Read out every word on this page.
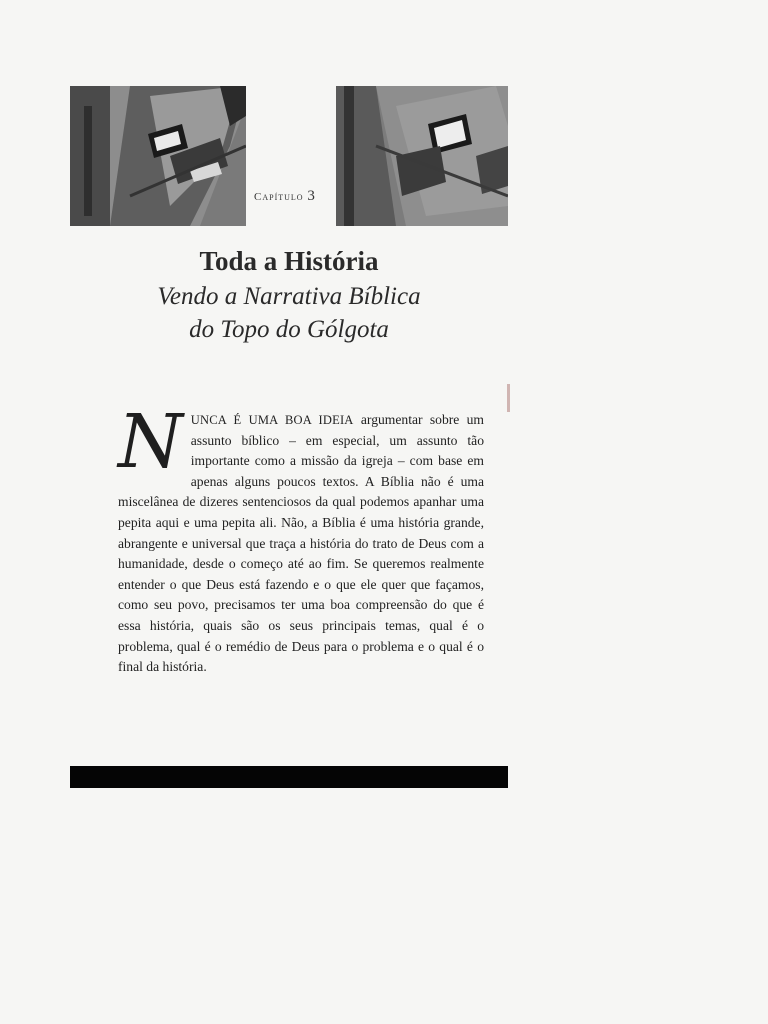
Capítulo 3
Toda a História
Vendo a Narrativa Bíblica
do Topo do Gólgota
N UNCA É UMA BOA IDEIA argumentar sobre um assunto bíblico – em especial, um assunto tão importante como a missão da igreja – com base em apenas alguns poucos textos. A Bíblia não é uma miscelânea de dizeres sentenciosos da qual podemos apanhar uma pepita aqui e uma pepita ali. Não, a Bíblia é uma história grande, abrangente e universal que traça a história do trato de Deus com a humanidade, desde o começo até ao fim. Se queremos realmente entender o que Deus está fazendo e o que ele quer que façamos, como seu povo, precisamos ter uma boa compreensão do que é essa história, quais são os seus principais temas, qual é o problema, qual é o remédio de Deus para o problema e o qual é o final da história.
